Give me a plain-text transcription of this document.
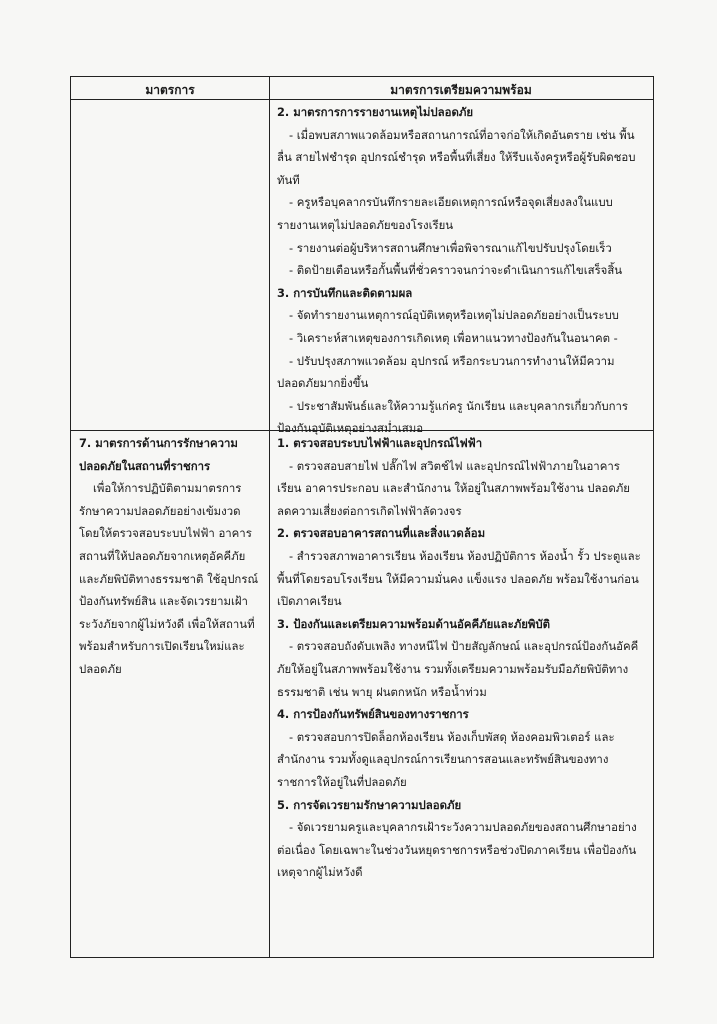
มาตรการ	มาตรการเตรียมความพร้อม

2. มาตรการการรายงานเหตุไม่ปลอดภัย

- เมื่อพบสภาพแวดล้อมหรือสถานการณ์ที่อาจก่อให้เกิดอันตราย เช่น พื้นลื่น สายไฟชำรุด อุปกรณ์ชำรุด หรือพื้นที่เสี่ยง ให้รีบแจ้งครูหรือผู้รับผิดชอบทันที

- ครูหรือบุคลากรบันทึกรายละเอียดเหตุการณ์หรือจุดเสี่ยงลงในแบบรายงานเหตุไม่ปลอดภัยของโรงเรียน

- รายงานต่อผู้บริหารสถานศึกษาเพื่อพิจารณาแก้ไขปรับปรุงโดยเร็ว

- ติดป้ายเตือนหรือกั้นพื้นที่ชั่วคราวจนกว่าจะดำเนินการแก้ไขเสร็จสิ้น

3. การบันทึกและติดตามผล

- จัดทำรายงานเหตุการณ์อุบัติเหตุหรือเหตุไม่ปลอดภัยอย่างเป็นระบบ

- วิเคราะห์สาเหตุของการเกิดเหตุ เพื่อหาแนวทางป้องกันในอนาคต -

- ปรับปรุงสภาพแวดล้อม อุปกรณ์ หรือกระบวนการทำงานให้มีความปลอดภัยมากยิ่งขึ้น

- ประชาสัมพันธ์และให้ความรู้แก่ครู นักเรียน และบุคลากรเกี่ยวกับการป้องกันอุบัติเหตุอย่างสม่ำเสมอ

7. มาตรการด้านการรักษาความปลอดภัยในสถานที่ราชการ

เพื่อให้การปฏิบัติตามมาตรการรักษาความปลอดภัยอย่างเข้มงวด โดยให้ตรวจสอบระบบไฟฟ้า อาคารสถานที่ให้ปลอดภัยจากเหตุอัคคีภัยและภัยพิบัติทางธรรมชาติ ใช้อุปกรณ์ป้องกันทรัพย์สิน และจัดเวรยามเฝ้าระวังภัยจากผู้ไม่หวังดี เพื่อให้สถานที่พร้อมสำหรับการเปิดเรียนใหม่และปลอดภัย

1. ตรวจสอบระบบไฟฟ้าและอุปกรณ์ไฟฟ้า

- ตรวจสอบสายไฟ ปลั๊กไฟ สวิตช์ไฟ และอุปกรณ์ไฟฟ้าภายในอาคารเรียน อาคารประกอบ และสำนักงาน ให้อยู่ในสภาพพร้อมใช้งาน ปลอดภัย ลดความเสี่ยงต่อการเกิดไฟฟ้าลัดวงจร

2. ตรวจสอบอาคารสถานที่และสิ่งแวดล้อม

- สำรวจสภาพอาคารเรียน ห้องเรียน ห้องปฏิบัติการ ห้องน้ำ รั้ว ประตูและพื้นที่โดยรอบโรงเรียน ให้มีความมั่นคง แข็งแรง ปลอดภัย พร้อมใช้งานก่อนเปิดภาคเรียน

3. ป้องกันและเตรียมความพร้อมด้านอัคคีภัยและภัยพิบัติ

- ตรวจสอบถังดับเพลิง ทางหนีไฟ ป้ายสัญลักษณ์ และอุปกรณ์ป้องกันอัคคีภัยให้อยู่ในสภาพพร้อมใช้งาน รวมทั้งเตรียมความพร้อมรับมือภัยพิบัติทางธรรมชาติ เช่น พายุ ฝนตกหนัก หรือน้ำท่วม

4. การป้องกันทรัพย์สินของทางราชการ

- ตรวจสอบการปิดล็อกห้องเรียน ห้องเก็บพัสดุ ห้องคอมพิวเตอร์ และสำนักงาน รวมทั้งดูแลอุปกรณ์การเรียนการสอนและทรัพย์สินของทางราชการให้อยู่ในที่ปลอดภัย

5. การจัดเวรยามรักษาความปลอดภัย

- จัดเวรยามครูและบุคลากรเฝ้าระวังความปลอดภัยของสถานศึกษาอย่างต่อเนื่อง โดยเฉพาะในช่วงวันหยุดราชการหรือช่วงปิดภาคเรียน เพื่อป้องกันเหตุจากผู้ไม่หวังดี
